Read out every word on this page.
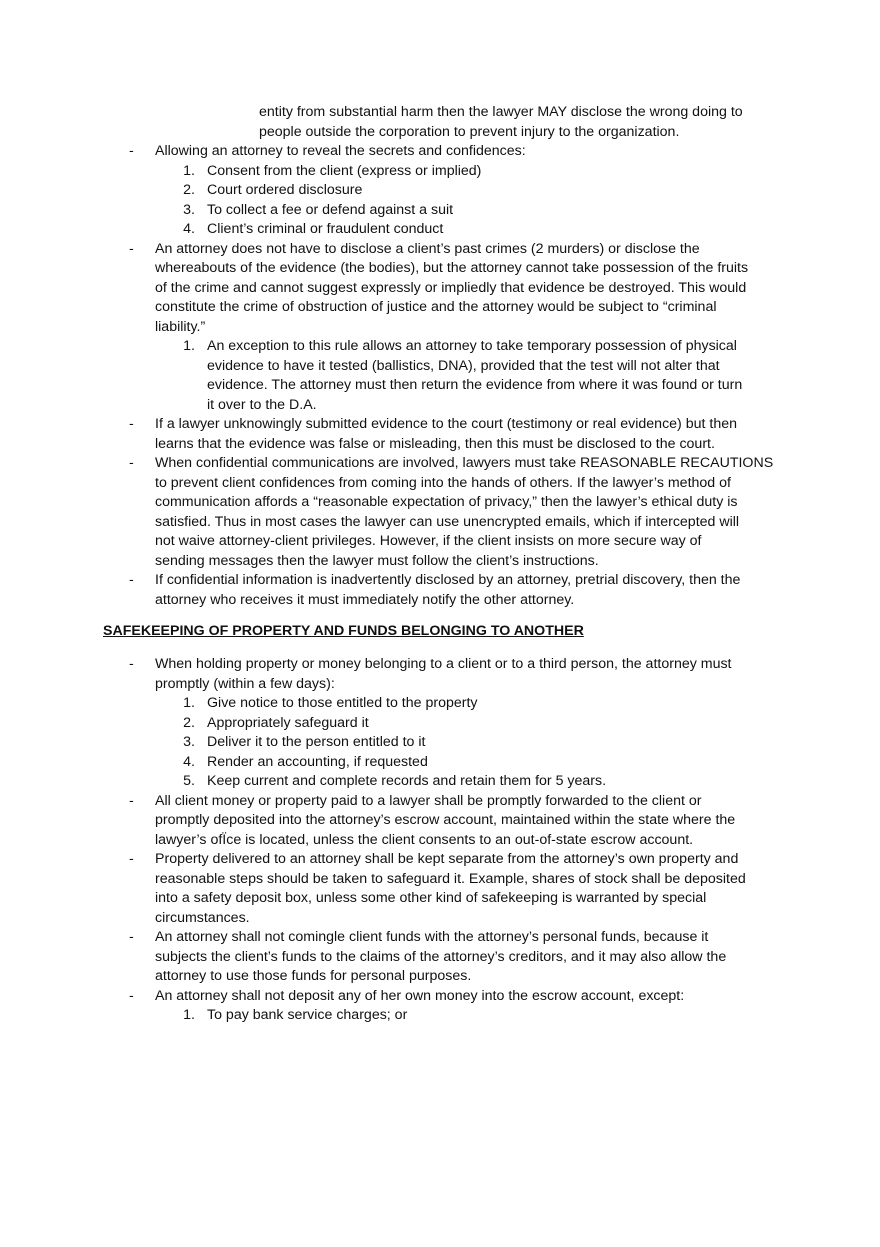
entity from substantial harm then the lawyer MAY disclose the wrong doing to
people outside the corporation to prevent injury to the organization.
- Allowing an attorney to reveal the secrets and confidences:
1. Consent from the client (express or implied)
2. Court ordered disclosure
3. To collect a fee or defend against a suit
4. Client’s criminal or fraudulent conduct
- An attorney does not have to disclose a client’s past crimes (2 murders) or disclose the
whereabouts of the evidence (the bodies), but the attorney cannot take possession of the fruits
of the crime and cannot suggest expressly or impliedly that evidence be destroyed. This would
constitute the crime of obstruction of justice and the attorney would be subject to “criminal
liability.”
1. An exception to this rule allows an attorney to take temporary possession of physical
evidence to have it tested (ballistics, DNA), provided that the test will not alter that
evidence. The attorney must then return the evidence from where it was found or turn
it over to the D.A.
- If a lawyer unknowingly submitted evidence to the court (testimony or real evidence) but then
learns that the evidence was false or misleading, then this must be disclosed to the court.
- When confidential communications are involved, lawyers must take REASONABLE RECAUTIONS
to prevent client confidences from coming into the hands of others. If the lawyer’s method of
communication affords a “reasonable expectation of privacy,” then the lawyer’s ethical duty is
satisfied. Thus in most cases the lawyer can use unencrypted emails, which if intercepted will
not waive attorney-client privileges. However, if the client insists on more secure way of
sending messages then the lawyer must follow the client’s instructions.
- If confidential information is inadvertently disclosed by an attorney, pretrial discovery, then the
attorney who receives it must immediately notify the other attorney.
SAFEKEEPING OF PROPERTY AND FUNDS BELONGING TO ANOTHER
- When holding property or money belonging to a client or to a third person, the attorney must
promptly (within a few days):
1. Give notice to those entitled to the property
2. Appropriately safeguard it
3. Deliver it to the person entitled to it
4. Render an accounting, if requested
5. Keep current and complete records and retain them for 5 years.
- All client money or property paid to a lawyer shall be promptly forwarded to the client or
promptly deposited into the attorney’s escrow account, maintained within the state where the
lawyer’s ofÏce is located, unless the client consents to an out-of-state escrow account.
- Property delivered to an attorney shall be kept separate from the attorney’s own property and
reasonable steps should be taken to safeguard it. Example, shares of stock shall be deposited
into a safety deposit box, unless some other kind of safekeeping is warranted by special
circumstances.
- An attorney shall not comingle client funds with the attorney’s personal funds, because it
subjects the client’s funds to the claims of the attorney’s creditors, and it may also allow the
attorney to use those funds for personal purposes.
- An attorney shall not deposit any of her own money into the escrow account, except:
1. To pay bank service charges; or
